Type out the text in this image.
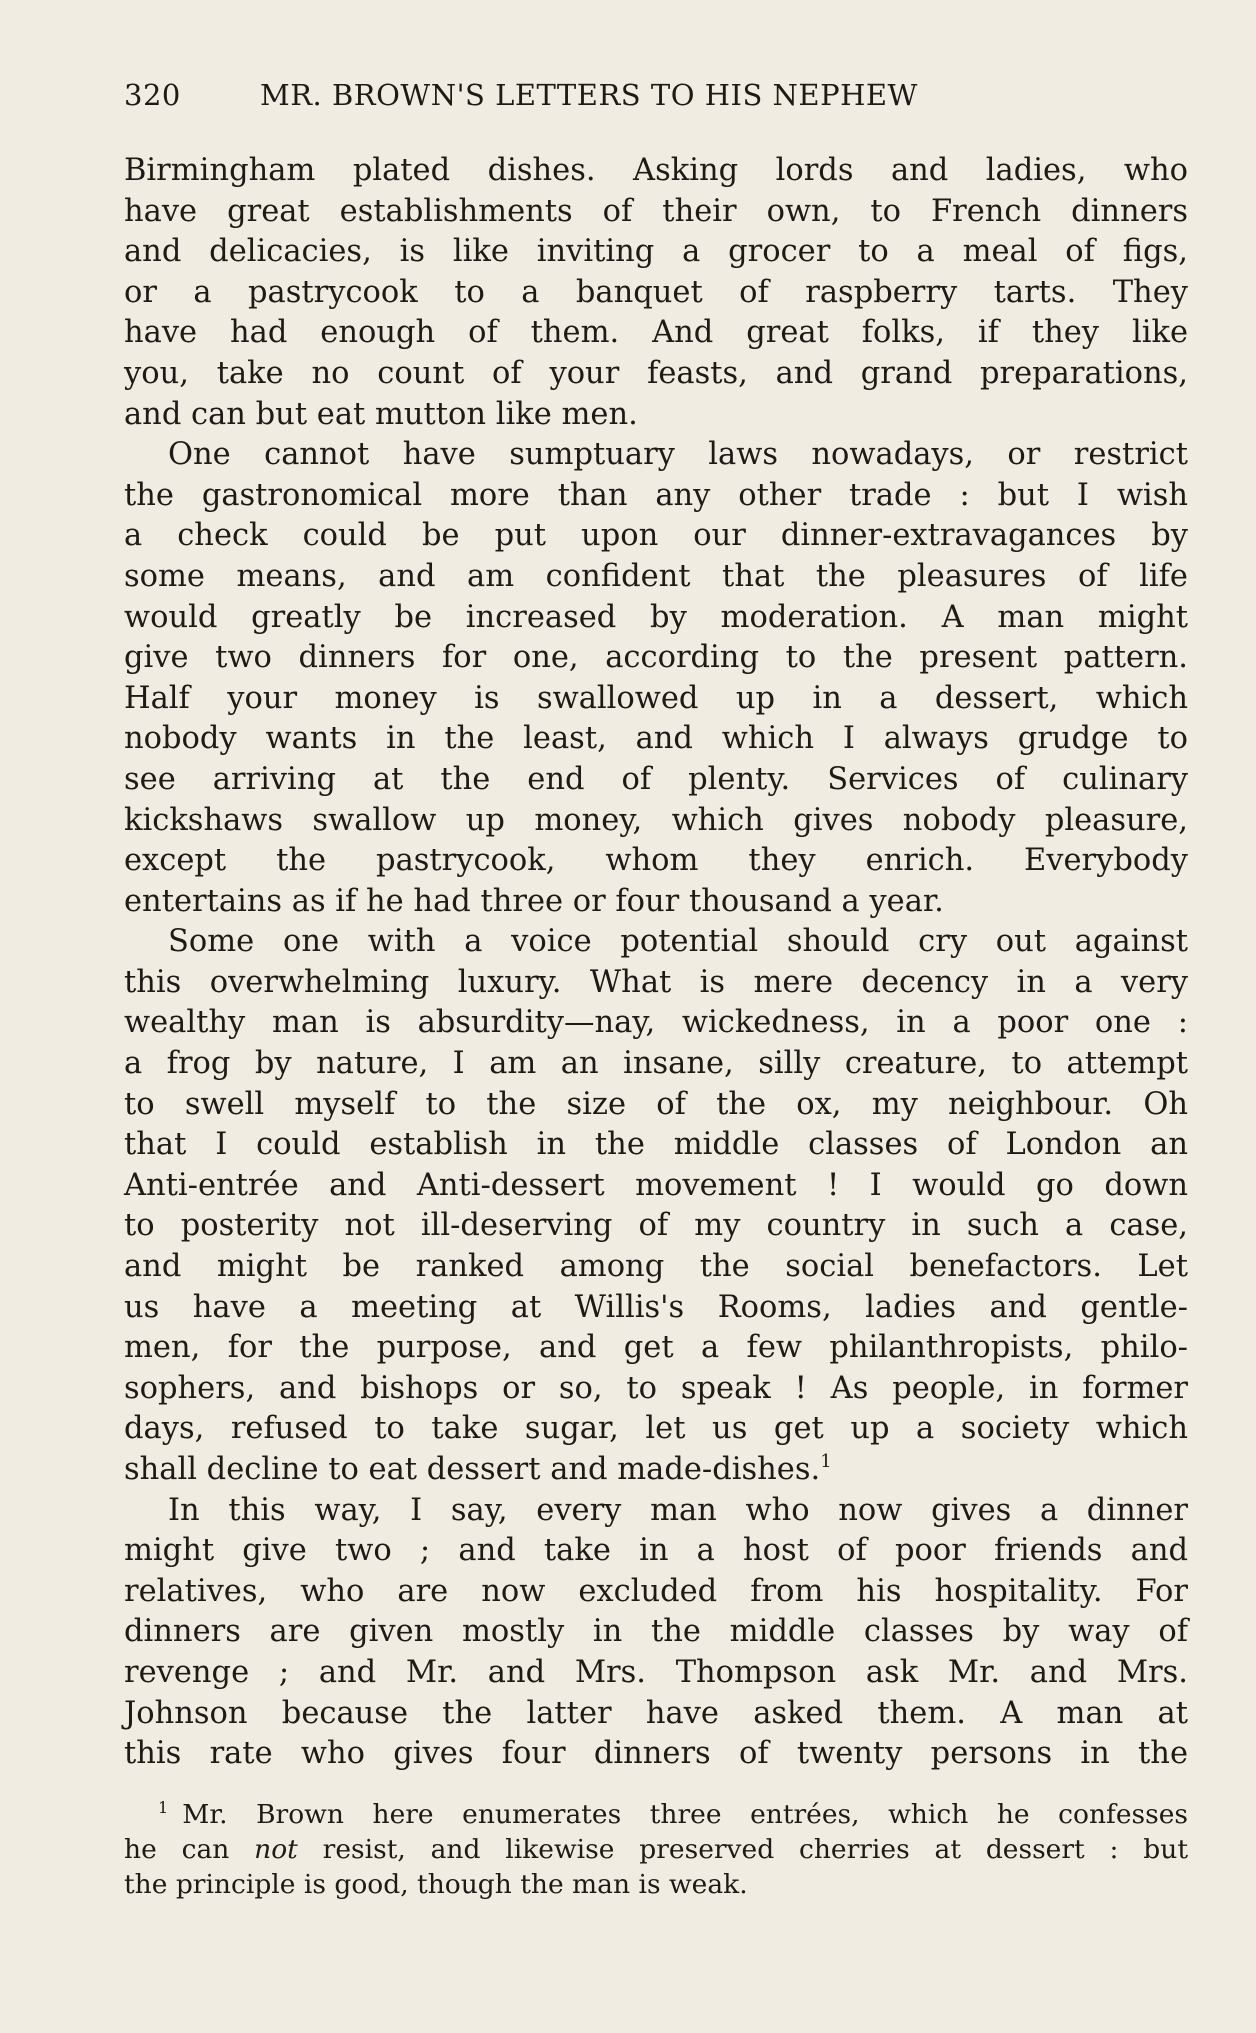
320	MR. BROWN'S LETTERS TO HIS NEPHEW
Birmingham plated dishes. Asking lords and ladies, who
have great establishments of their own, to French dinners
and delicacies, is like inviting a grocer to a meal of figs,
or a pastrycook to a banquet of raspberry tarts. They
have had enough of them. And great folks, if they like
you, take no count of your feasts, and grand preparations,
and can but eat mutton like men.
One cannot have sumptuary laws nowadays, or restrict
the gastronomical more than any other trade : but I wish
a check could be put upon our dinner-extravagances by
some means, and am confident that the pleasures of life
would greatly be increased by moderation. A man might
give two dinners for one, according to the present pattern.
Half your money is swallowed up in a dessert, which
nobody wants in the least, and which I always grudge to
see arriving at the end of plenty. Services of culinary
kickshaws swallow up money, which gives nobody pleasure,
except the pastrycook, whom they enrich. Everybody
entertains as if he had three or four thousand a year.
Some one with a voice potential should cry out against
this overwhelming luxury. What is mere decency in a very
wealthy man is absurdity—nay, wickedness, in a poor one :
a frog by nature, I am an insane, silly creature, to attempt
to swell myself to the size of the ox, my neighbour. Oh
that I could establish in the middle classes of London an
Anti-entrée and Anti-dessert movement ! I would go down
to posterity not ill-deserving of my country in such a case,
and might be ranked among the social benefactors. Let
us have a meeting at Willis's Rooms, ladies and gentle-
men, for the purpose, and get a few philanthropists, philo-
sophers, and bishops or so, to speak ! As people, in former
days, refused to take sugar, let us get up a society which
shall decline to eat dessert and made-dishes.$^1$
In this way, I say, every man who now gives a dinner
might give two ; and take in a host of poor friends and
relatives, who are now excluded from his hospitality. For
dinners are given mostly in the middle classes by way of
revenge ; and Mr. and Mrs. Thompson ask Mr. and Mrs.
Johnson because the latter have asked them. A man at
this rate who gives four dinners of twenty persons in the
$^1$ Mr. Brown here enumerates three entrées, which he confesses
he can not resist, and likewise preserved cherries at dessert : but
the principle is good, though the man is weak.
